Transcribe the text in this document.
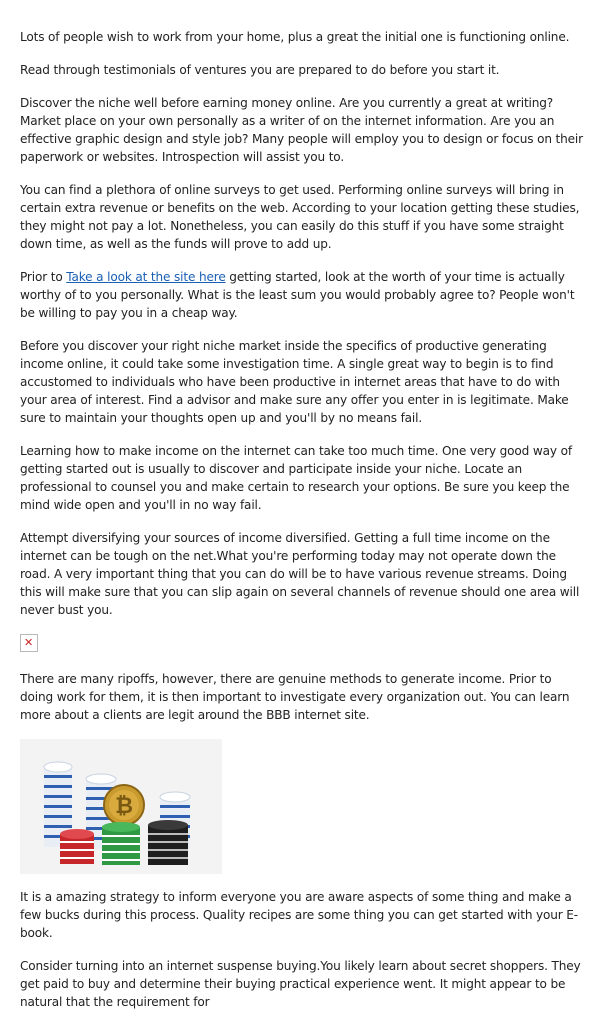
Lots of people wish to work from your home, plus a great the initial one is functioning online.

Read through testimonials of ventures you are prepared to do before you start it.

Discover the niche well before earning money online. Are you currently a great at writing? Market place on your own personally as a writer of on the internet information. Are you an effective graphic design and style job? Many people will employ you to design or focus on their paperwork or websites. Introspection will assist you to.

You can find a plethora of online surveys to get used. Performing online surveys will bring in certain extra revenue or benefits on the web. According to your location getting these studies, they might not pay a lot. Nonetheless, you can easily do this stuff if you have some straight down time, as well as the funds will prove to add up.

Prior to Take a look at the site here getting started, look at the worth of your time is actually worthy of to you personally. What is the least sum you would probably agree to? People won't be willing to pay you in a cheap way.

Before you discover your right niche market inside the specifics of productive generating income online, it could take some investigation time. A single great way to begin is to find accustomed to individuals who have been productive in internet areas that have to do with your area of interest. Find a advisor and make sure any offer you enter in is legitimate. Make sure to maintain your thoughts open up and you'll by no means fail.

Learning how to make income on the internet can take too much time. One very good way of getting started out is usually to discover and participate inside your niche. Locate an professional to counsel you and make certain to research your options. Be sure you keep the mind wide open and you'll in no way fail.

Attempt diversifying your sources of income diversified. Getting a full time income on the internet can be tough on the net.What you're performing today may not operate down the road. A very important thing that you can do will be to have various revenue streams. Doing this will make sure that you can slip again on several channels of revenue should one area will never bust you.

✕

There are many ripoffs, however, there are genuine methods to generate income. Prior to doing work for them, it is then important to investigate every organization out. You can learn more about a clients are legit around the BBB internet site.

₿

It is a amazing strategy to inform everyone you are aware aspects of some thing and make a few bucks during this process. Quality recipes are some thing you can get started with your E-book.

Consider turning into an internet suspense buying.You likely learn about secret shoppers. They get paid to buy and determine their buying practical experience went. It might appear to be natural that the requirement for
